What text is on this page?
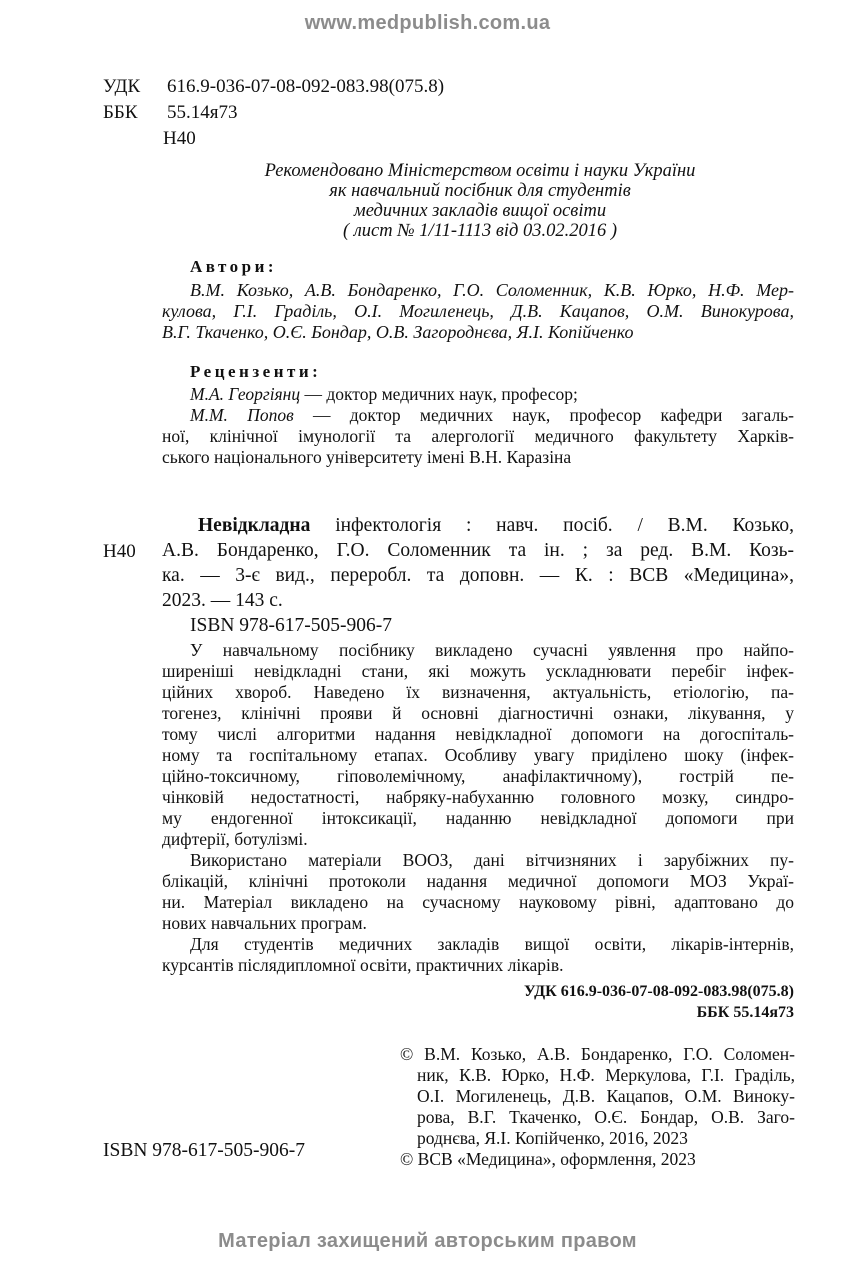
www.medpublish.com.ua
УДК 616.9-036-07-08-092-083.98(075.8)
ББК 55.14я73
Н40
Рекомендовано Міністерством освіти і науки України
як навчальний посібник для студентів
медичних закладів вищої освіти
( лист № 1/11-1113 від 03.02.2016 )
Автори:
В.М. Козько, А.В. Бондаренко, Г.О. Соломенник, К.В. Юрко, Н.Ф. Мер-
кулова, Г.І. Граділь, О.І. Могиленець, Д.В. Кацапов, О.М. Винокурова,
В.Г. Ткаченко, О.Є. Бондар, О.В. Загороднєва, Я.І. Копійченко
Рецензенти:
М.А. Георгіянц — доктор медичних наук, професор;
М.М. Попов — доктор медичних наук, професор кафедри загаль-
ної, клінічної імунології та алергології медичного факультету Харків-
ського національного університету імені В.Н. Каразіна
Н40
Невідкладна інфектологія : навч. посіб. / В.М. Козько,
А.В. Бондаренко, Г.О. Соломенник та ін. ; за ред. В.М. Козь-
ка. — 3-є вид., переробл. та доповн. — К. : ВСВ «Медицина»,
2023. — 143 с.
ISBN 978-617-505-906-7
У навчальному посібнику викладено сучасні уявлення про найпо-
ширеніші невідкладні стани, які можуть ускладнювати перебіг інфек-
ційних хвороб. Наведено їх визначення, актуальність, етіологію, па-
тогенез, клінічні прояви й основні діагностичні ознаки, лікування, у
тому числі алгоритми надання невідкладної допомоги на догоспіталь-
ному та госпітальному етапах. Особливу увагу приділено шоку (інфек-
ційно-токсичному, гіповолемічному, анафілактичному), гострій пе-
чінковій недостатності, набряку-набуханню головного мозку, синдро-
му ендогенної інтоксикації, наданню невідкладної допомоги при
дифтерії, ботулізмі.
Використано матеріали ВООЗ, дані вітчизняних і зарубіжних пу-
блікацій, клінічні протоколи надання медичної допомоги МОЗ Украї-
ни. Матеріал викладено на сучасному науковому рівні, адаптовано до
нових навчальних програм.
Для студентів медичних закладів вищої освіти, лікарів-інтернів,
курсантів післядипломної освіти, практичних лікарів.
УДК 616.9-036-07-08-092-083.98(075.8)
ББК 55.14я73
© В.М. Козько, А.В. Бондаренко, Г.О. Соломен-
ник, К.В. Юрко, Н.Ф. Меркулова, Г.І. Граділь,
О.І. Могиленець, Д.В. Кацапов, О.М. Виноку-
рова, В.Г. Ткаченко, О.Є. Бондар, О.В. Заго-
роднєва, Я.І. Копійченко, 2016, 2023
© ВСВ «Медицина», оформлення, 2023
ISBN 978-617-505-906-7
Матеріал захищений авторським правом
